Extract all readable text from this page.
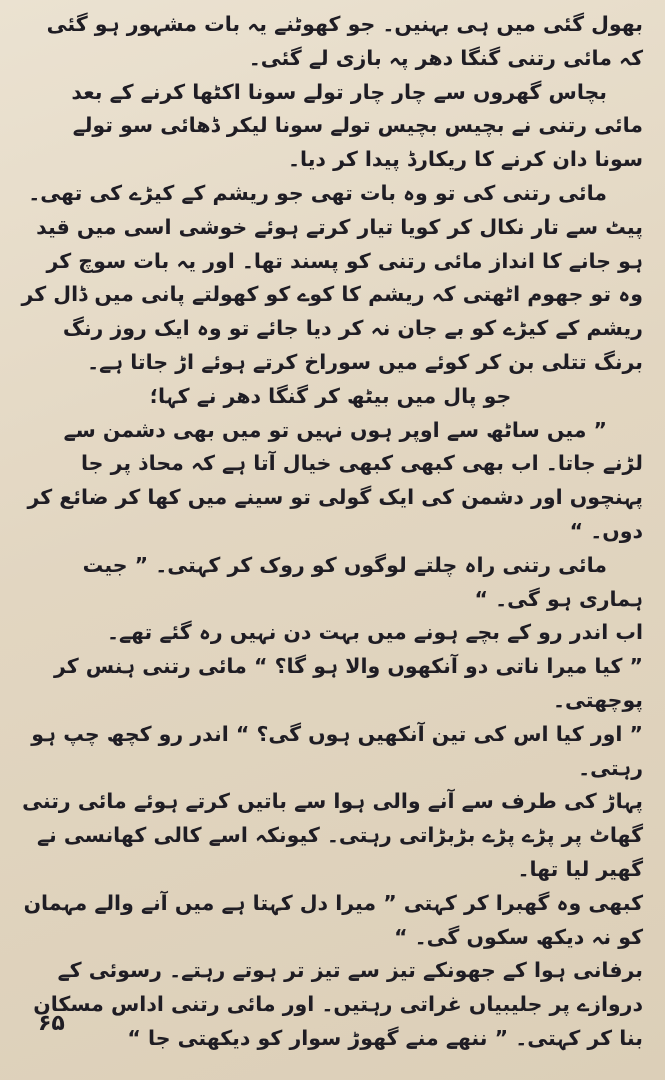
بھول گئی میں ہی بہنیں۔ جو کھوٹنے یہ بات مشہور ہو گئی کہ مائی رتنی گنگا دھر پہ بازی لے گئی۔

بچاس گھروں سے چار چار تولے سونا اکٹھا کرنے کے بعد مائی رتنی نے بچیس بچیس تولے سونا لیکر ڈھائی سو تولے سونا دان کرنے کا ریکارڈ پیدا کر دیا۔

مائی رتنی کی تو وہ بات تھی جو ریشم کے کیڑے کی تھی۔ پیٹ سے تار نکال کر کویا تیار کرتے ہوئے خوشی اسی میں قید ہو جانے کا انداز مائی رتنی کو پسند تھا۔ اور یہ بات سوچ کر وہ تو جھوم اٹھتی کہ ریشم کا کوے کو کھولتے پانی میں ڈال کر ریشم کے کیڑے کو بے جان نہ کر دیا جائے تو وہ ایک روز رنگ برنگ تتلی بن کر کوئے میں سوراخ کرتے ہوئے اڑ جاتا ہے۔

جو پال میں بیٹھ کر گنگا دھر نے کہا؛

” میں ساٹھ سے اوپر ہوں نہیں تو میں بھی دشمن سے لڑنے جاتا۔ اب بھی کبھی کبھی خیال آتا ہے کہ محاذ پر جا پہنچوں اور دشمن کی ایک گولی تو سینے میں کھا کر ضائع کر دوں۔ “

مائی رتنی راہ چلتے لوگوں کو روک کر کہتی۔ ” جیت ہماری ہو گی۔ “

اب اندر رو کے بچے ہونے میں بہت دن نہیں رہ گئے تھے۔

” کیا میرا ناتی دو آنکھوں والا ہو گا؟ “ مائی رتنی ہنس کر پوچھتی۔

” اور کیا اس کی تین آنکھیں ہوں گی؟ “ اندر رو کچھ چپ ہو رہتی۔

پہاڑ کی طرف سے آنے والی ہوا سے باتیں کرتے ہوئے مائی رتنی گھاٹ پر پڑے پڑے بڑبڑاتی رہتی۔ کیونکہ اسے کالی کھانسی نے گھیر لیا تھا۔

کبھی وہ گھبرا کر کہتی ” میرا دل کہتا ہے میں آنے والے مہمان کو نہ دیکھ سکوں گی۔ “

برفانی ہوا کے جھونکے تیز سے تیز تر ہوتے رہتے۔ رسوئی کے دروازے پر جلیبیاں غراتی رہتیں۔ اور مائی رتنی اداس مسکان بنا کر کہتی۔ ” ننھے منے گھوڑ سوار کو دیکھتی جا “

۶۵
